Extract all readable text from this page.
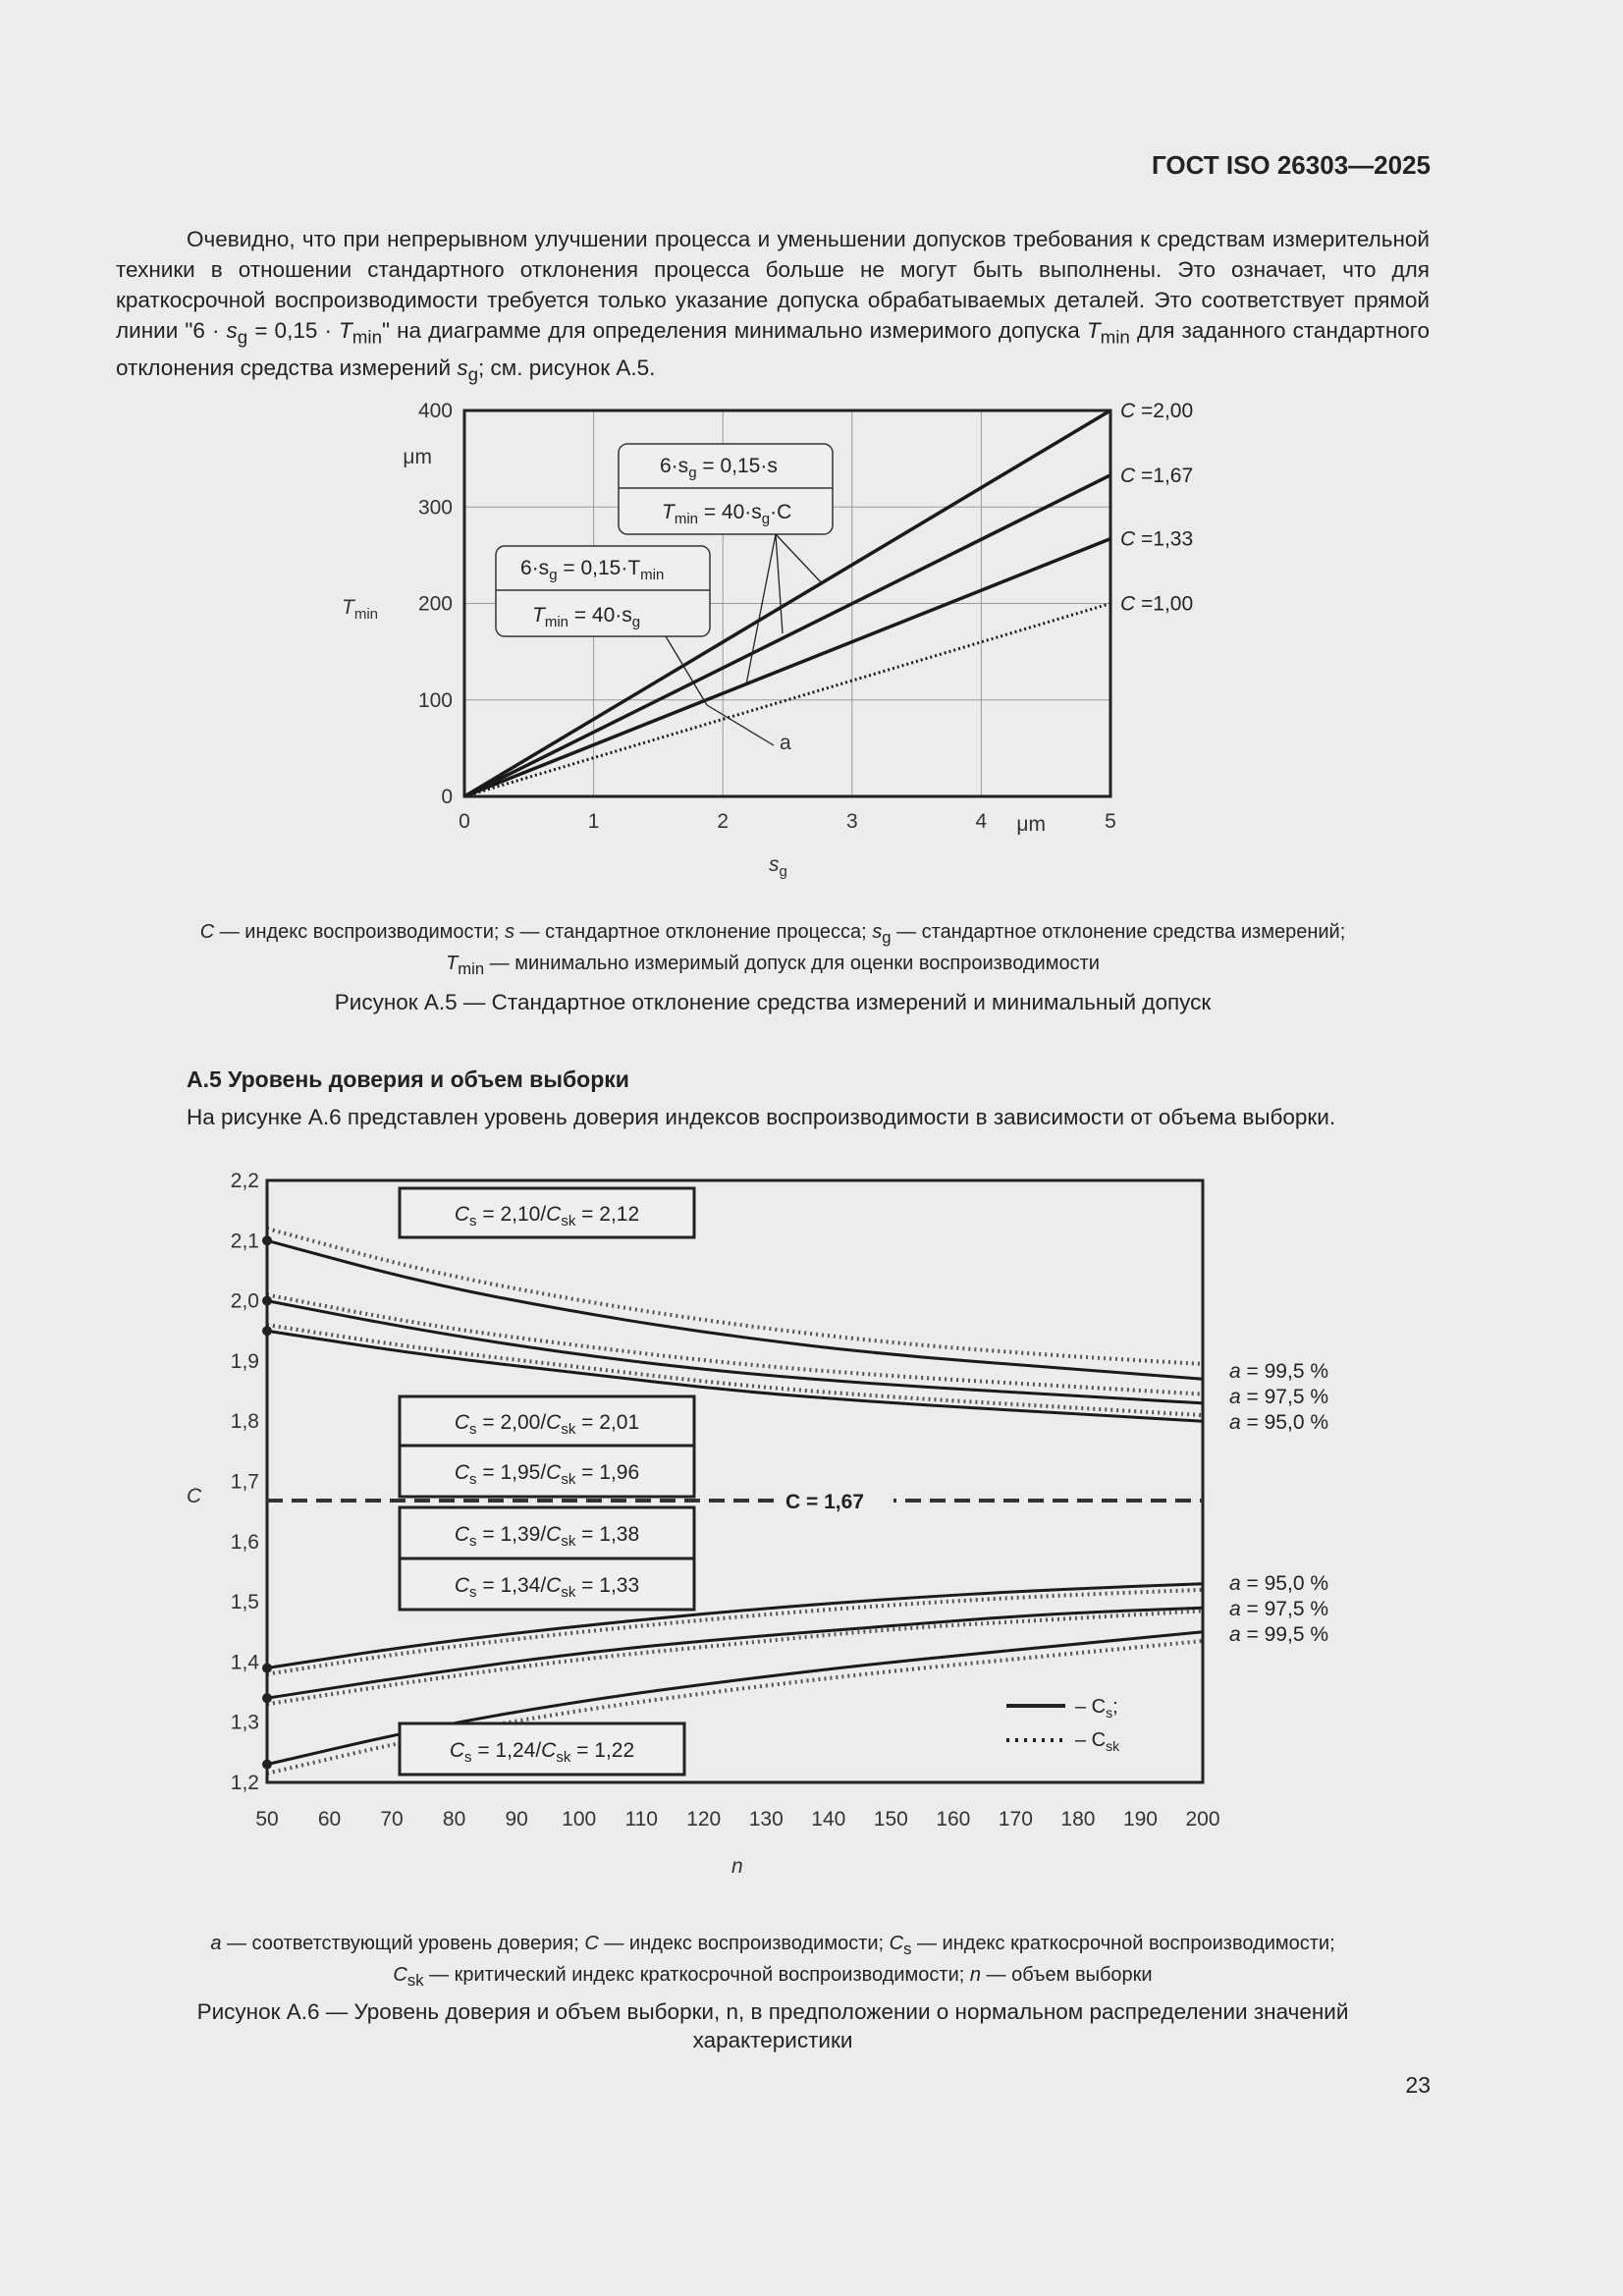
ГОСТ ISO 26303—2025
Очевидно, что при непрерывном улучшении процесса и уменьшении допусков требования к средствам измерительной техники в отношении стандартного отклонения процесса больше не могут быть выполнены. Это означает, что для краткосрочной воспроизводимости требуется только указание допуска обрабатываемых деталей. Это соответствует прямой линии "$6 \cdot s_g = 0,15 \cdot T_{min}$" на диаграмме для определения минимально измеримого допуска $T_{min}$ для заданного стандартного отклонения средства измерений $s_g$; см. рисунок А.5.
0	1	2	3	4	5
0
100
200
300
400
μm
μm
$T_{min}$
$s_g$
C =2,00
C =1,67
C =1,33
C =1,00
$6\cdot s_g = 0,15\cdot s$
$T_{min} = 40\cdot s_g\cdot C$
$6\cdot s_g = 0,15\cdot T_{min}$
$T_{min} = 40\cdot s_g$
a
C — индекс воспроизводимости; s — стандартное отклонение процесса; $s_g$ — стандартное отклонение средства измерений;
$T_{min}$ — минимально измеримый допуск для оценки воспроизводимости
Рисунок А.5 — Стандартное отклонение средства измерений и минимальный допуск
А.5 Уровень доверия и объем выборки
На рисунке А.6 представлен уровень доверия индексов воспроизводимости в зависимости от объема выборки.
C = 1,67
50 60 70 80 90 100 110 120 130 140 150 160 170 180 190 200
1,2
1,3
1,4
1,5
1,6
1,7
1,8
1,9
2,0
2,1
2,2
C
n
$C_s = 2,10/C_{sk} = 2,12$
$C_s = 2,00/C_{sk} = 2,01$
$C_s = 1,95/C_{sk} = 1,96$
$C_s = 1,39/C_{sk} = 1,38$
$C_s = 1,34/C_{sk} = 1,33$
$C_s = 1,24/C_{sk} = 1,22$
a = 99,5 %
a = 97,5 %
a = 95,0 %
a = 95,0 %
a = 97,5 %
a = 99,5 %
– $C_s$;
– $C_{sk}$
a — соответствующий уровень доверия; C — индекс воспроизводимости; $C_s$ — индекс краткосрочной воспроизводимости;
$C_{sk}$ — критический индекс краткосрочной воспроизводимости; n — объем выборки
Рисунок А.6 — Уровень доверия и объем выборки, n, в предположении о нормальном распределении значений
характеристики
23
